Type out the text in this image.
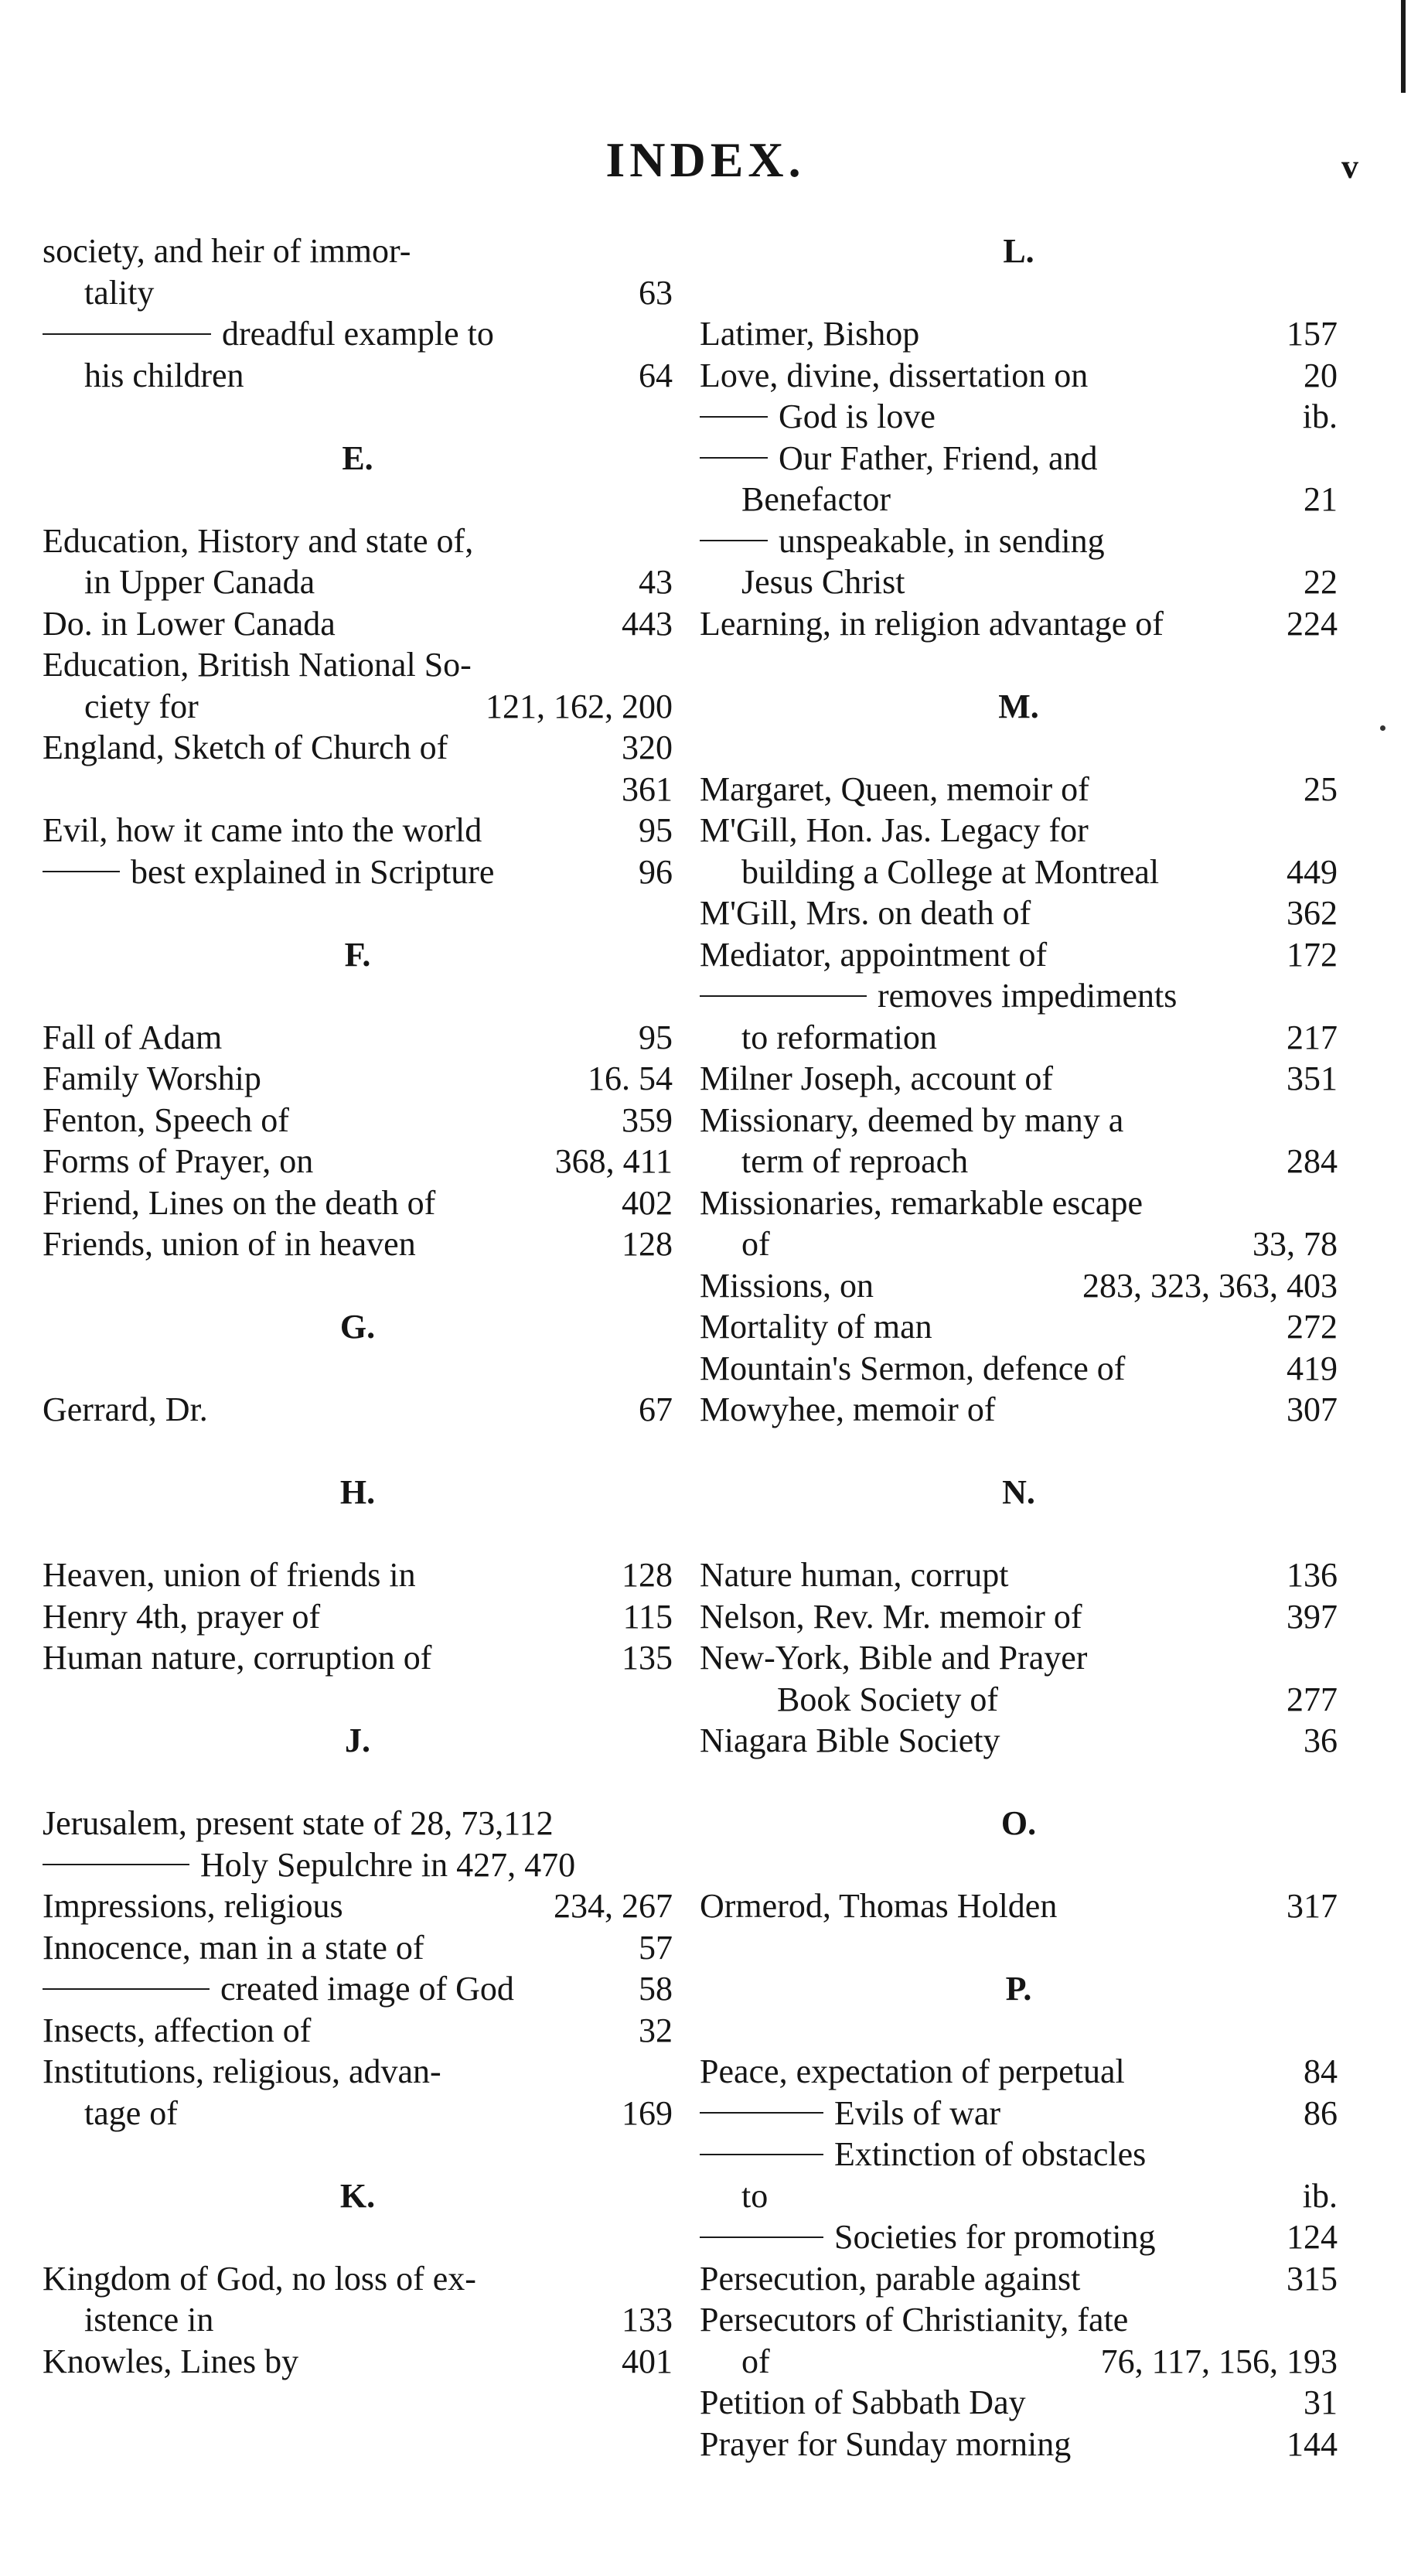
INDEX.	v
society, and heir of immor-
tality	63
dreadful example to
his children	64
E.
Education, History and state of,
in Upper Canada	43
Do. in Lower Canada	443
Education, British National So-
ciety for	121, 162, 200
England, Sketch of Church of	320
361
Evil, how it came into the world	95
best explained in Scripture	96
F.
Fall of Adam	95
Family Worship	16. 54
Fenton, Speech of	359
Forms of Prayer, on	368, 411
Friend, Lines on the death of	402
Friends, union of in heaven	128
G.
Gerrard, Dr.	67
H.
Heaven, union of friends in	128
Henry 4th, prayer of	115
Human nature, corruption of	135
J.
Jerusalem, present state of 28, 73,112
Holy Sepulchre in 427, 470
Impressions, religious	234, 267
Innocence, man in a state of	57
created image of God	58
Insects, affection of	32
Institutions, religious, advan-
tage of	169
K.
Kingdom of God, no loss of ex-
istence in	133
Knowles, Lines by	401
L.
Latimer, Bishop	157
Love, divine, dissertation on	20
God is love	ib.
Our Father, Friend, and
Benefactor	21
unspeakable, in sending
Jesus Christ	22
Learning, in religion advantage of	224
M.
Margaret, Queen, memoir of	25
M'Gill, Hon. Jas. Legacy for
building a College at Montreal	449
M'Gill, Mrs. on death of	362
Mediator, appointment of	172
removes impediments
to reformation	217
Milner Joseph, account of	351
Missionary, deemed by many a
term of reproach	284
Missionaries, remarkable escape
of	33, 78
Missions, on	283, 323, 363, 403
Mortality of man	272
Mountain's Sermon, defence of	419
Mowyhee, memoir of	307
N.
Nature human, corrupt	136
Nelson, Rev. Mr. memoir of	397
New-York, Bible and Prayer
Book Society of	277
Niagara Bible Society	36
O.
Ormerod, Thomas Holden	317
P.
Peace, expectation of perpetual	84
Evils of war	86
Extinction of obstacles
to	ib.
Societies for promoting	124
Persecution, parable against	315
Persecutors of Christianity, fate
of	76, 117, 156, 193
Petition of Sabbath Day	31
Prayer for Sunday morning	144
